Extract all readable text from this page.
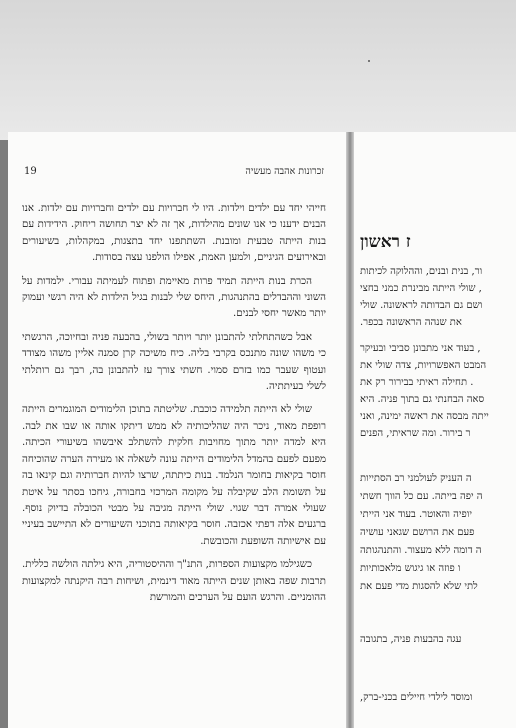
זכרונות אהבה מעשיה
19

חייהי יחד עם ילדים וילדות. היו לי חברויות עם ילדים וחברויות עם ילדות. אנו הבנים ידענו כי אנו שונים מהילדות, אך זה לא יצר תחושה ריחוק. הידידות עם בנות הייתה טבעית ומובנת. השתתפנו יחד בתצגות, במקהלות, בשיעורים ובאירועים הגיגיים, ולמען האמת, אפילו הולפנו עצה בסודות.

הכרת בנות הייתה תמיד פרות מאיימת ופתוח לעמיתה עבורי. ילמדות על השוני וההבדלים בהתנהגות, היחס שלי לבנות בגיל הילדות לא היה רגשי ועמוק יותר מאשר יחסי לבנים.

אבל כשהתחלתי להתבונן יותר ויותר בשולי, בהבעה פניה ובחיוכה, הרגשתי כי משהו שונה מתנכס בקרבי בליה. כיח משיכה קרן סמנה אליין משהו מצודד ועטוף שעבר כמו בזרם סמוי. חשתי צורך עז להתבונן בה, רבך גם רותלתי לשלי בעיתתיה.

שולי לא הייתה תלמידה כוכבת. שליטתה בתוכן הלימודים המוגמרים הייתה רופפת מאוד, ניכר היה שהליכותיה לא ממש דיתקו אותה או שבו את לבה. היא למדה יותר מתוך מחויבות חלקית להשתלב איבשהו בשיעורי הכיתה. מפעם לפעם בהמדל הלימודים הייתה עונה לשאלה או מעירה הערה שהוכיחה חוסר בקיאות בחומר הנלמד. בנות כיתתה, שרצו להיות חברותיה וגם קינאו בה על תשומת הלב שקיבלה על מקומה המרכזי בחבורה, גיחכו בסתר על איטת שעולי אמרה דבר שגוי. שולי הייתה מגיבה על מבטי הכובלה בדיוק נוסף. ברגעים אלה דפתי אכזבה. חוסר בקיאותה בתוכני השיעורים לא התיישב בעיניי עם אישיותה השופעת והכובשת.

כשגילמו מקצועות הספרות, התנ"ך וההיסטוריה, היא גילתה הולשה כללית. תרבות שפה באותן שנים הייתה מאוד דינמית, ושיחות רבה היקנתה למקצועות ההומניים. והרגש הועם על הערכים והמורשת

ז ראשון
ור, בנית ובנים, וההלוקה לכיתות
, שולי הייתה מבינרת כמני בחצי
ושם גם הבדותה לראשונה. שולי
את שנהה הראשונה בכפר.
, בעוד אני מתבונן סביבי ובעיקר
המבט האפשרויות, צדה שולי את
. תחילה ראיתי בבירור רק את
סאה הבחנתי גם בתוך פניה. היא
ייתה מבסה את ראשה ימינה, ואני
ר בירור. ומה שראיתי, הפנים
ה העניק לעולמני רב הסתייות
ה יפה בייתה. עם כל הווך חשתי
יופיה והאוטר. בעוד אני הייתי
פעם את הרושם שגאני עושיה
ה דומה ללא מעצור. והתנהגותה
ו פוזה או גיגוש מלאכותיות
לתי שלא להסגות מדי פעם את
עגה בהבעות פניה, בתגובה
ומוסד לילדי חיילים בכני-ברק,
